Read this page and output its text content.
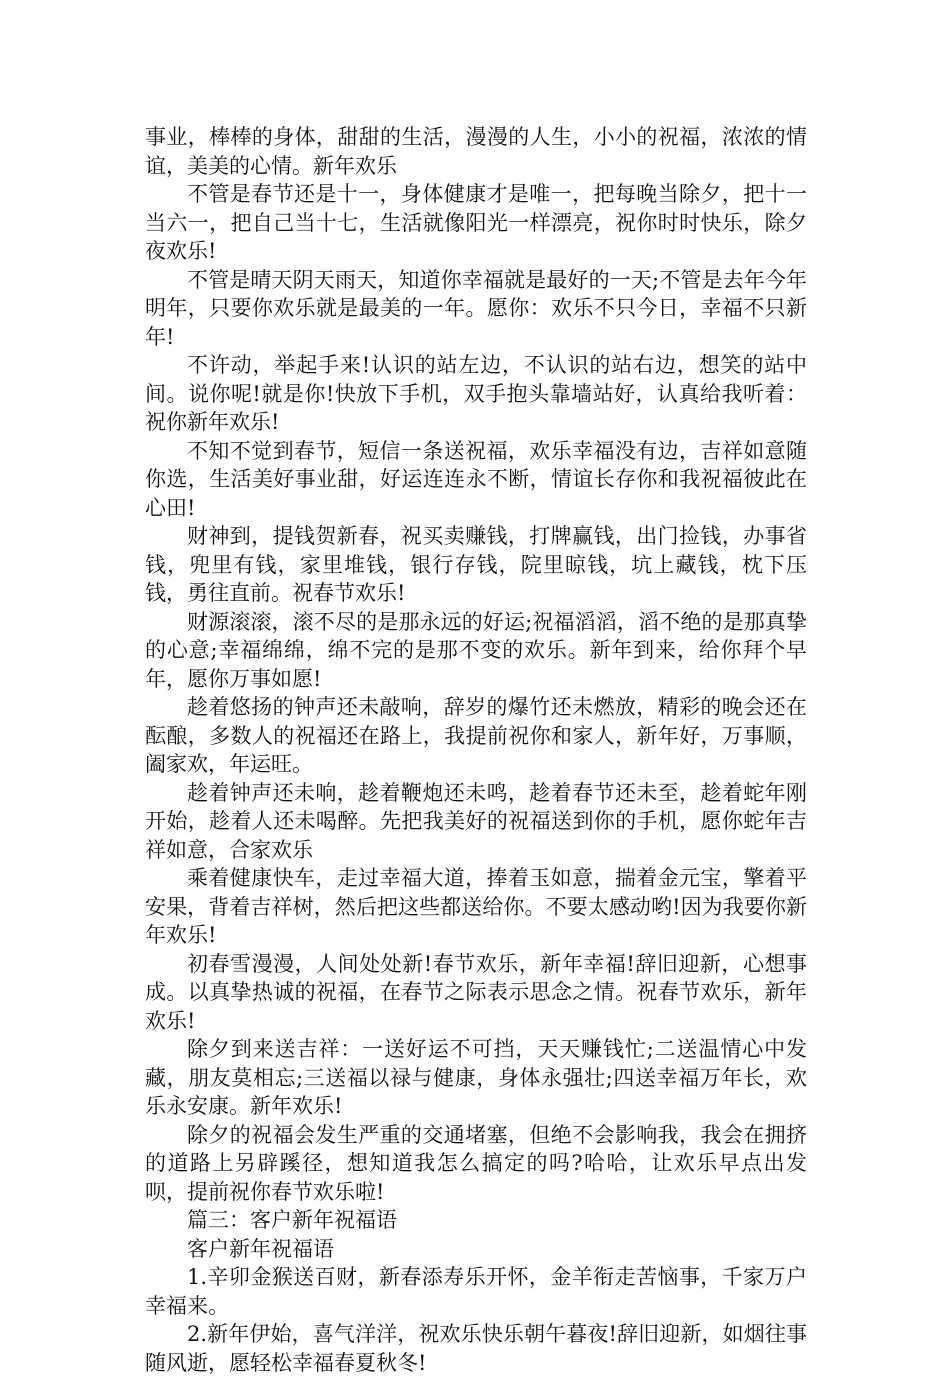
事业，棒棒的身体，甜甜的生活，漫漫的人生，小小的祝福，浓浓的情谊，美美的心情。新年欢乐

不管是春节还是十一，身体健康才是唯一，把每晚当除夕，把十一当六一，把自己当十七，生活就像阳光一样漂亮，祝你时时快乐，除夕夜欢乐!

不管是晴天阴天雨天，知道你幸福就是最好的一天;不管是去年今年明年，只要你欢乐就是最美的一年。愿你：欢乐不只今日，幸福不只新年!

不许动，举起手来!认识的站左边，不认识的站右边，想笑的站中间。说你呢!就是你!快放下手机，双手抱头靠墙站好，认真给我听着：祝你新年欢乐!

不知不觉到春节，短信一条送祝福，欢乐幸福没有边，吉祥如意随你选，生活美好事业甜，好运连连永不断，情谊长存你和我祝福彼此在心田!

财神到，提钱贺新春，祝买卖赚钱，打牌赢钱，出门捡钱，办事省钱，兜里有钱，家里堆钱，银行存钱，院里晾钱，坑上藏钱，枕下压钱，勇往直前。祝春节欢乐!

财源滚滚，滚不尽的是那永远的好运;祝福滔滔，滔不绝的是那真挚的心意;幸福绵绵，绵不完的是那不变的欢乐。新年到来，给你拜个早年，愿你万事如愿!

趁着悠扬的钟声还未敲响，辞岁的爆竹还未燃放，精彩的晚会还在酝酿，多数人的祝福还在路上，我提前祝你和家人，新年好，万事顺，阖家欢，年运旺。

趁着钟声还未响，趁着鞭炮还未鸣，趁着春节还未至，趁着蛇年刚开始，趁着人还未喝醉。先把我美好的祝福送到你的手机，愿你蛇年吉祥如意，合家欢乐

乘着健康快车，走过幸福大道，捧着玉如意，揣着金元宝，擎着平安果，背着吉祥树，然后把这些都送给你。不要太感动哟!因为我要你新年欢乐!

初春雪漫漫，人间处处新!春节欢乐，新年幸福!辞旧迎新，心想事成。以真挚热诚的祝福，在春节之际表示思念之情。祝春节欢乐，新年欢乐!

除夕到来送吉祥：一送好运不可挡，天天赚钱忙;二送温情心中发藏，朋友莫相忘;三送福以禄与健康，身体永强壮;四送幸福万年长，欢乐永安康。新年欢乐!

除夕的祝福会发生严重的交通堵塞，但绝不会影响我，我会在拥挤的道路上另辟蹊径，想知道我怎么搞定的吗?哈哈，让欢乐早点出发呗，提前祝你春节欢乐啦!

篇三：客户新年祝福语

客户新年祝福语

1.辛卯金猴送百财，新春添寿乐开怀，金羊衔走苦恼事，千家万户幸福来。

2.新年伊始，喜气洋洋，祝欢乐快乐朝午暮夜!辞旧迎新，如烟往事随风逝，愿轻松幸福春夏秋冬!
